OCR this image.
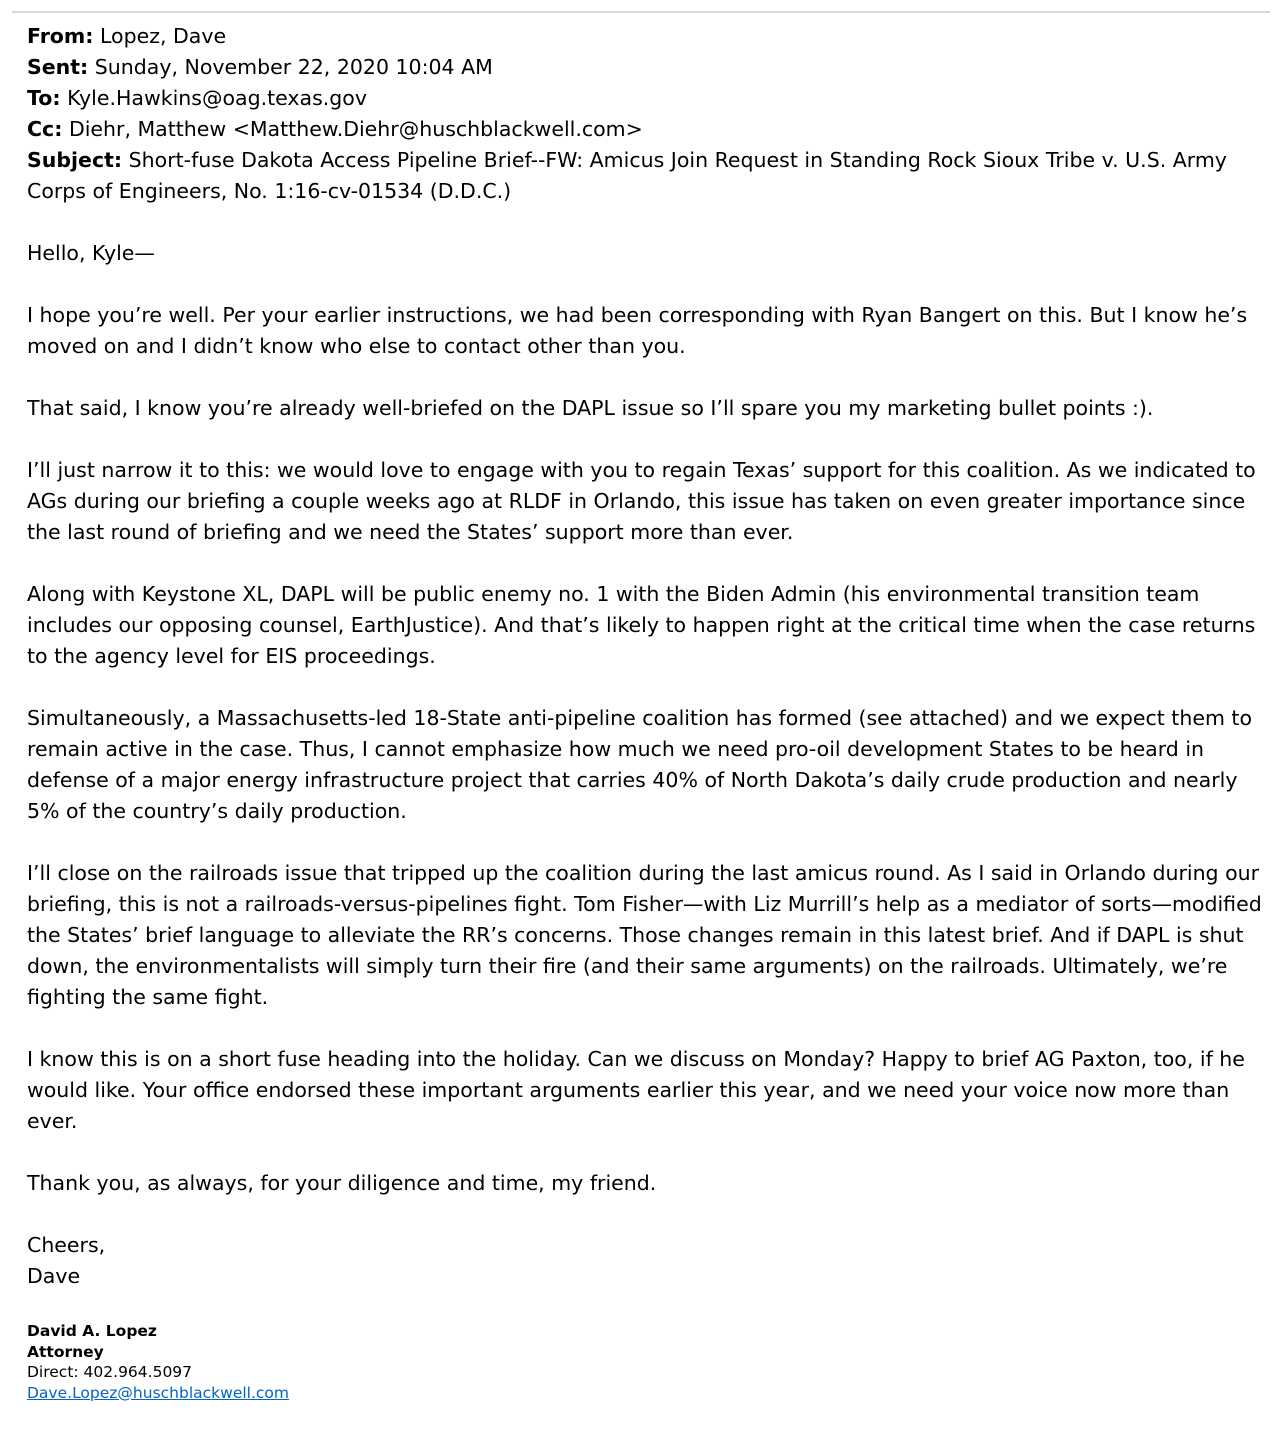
From: Lopez, Dave
Sent: Sunday, November 22, 2020 10:04 AM
To: Kyle.Hawkins@oag.texas.gov
Cc: Diehr, Matthew <Matthew.Diehr@huschblackwell.com>
Subject: Short-fuse Dakota Access Pipeline Brief--FW: Amicus Join Request in Standing Rock Sioux Tribe v. U.S. Army Corps of Engineers, No. 1:16-cv-01534 (D.D.C.)
Hello, Kyle—
I hope you’re well. Per your earlier instructions, we had been corresponding with Ryan Bangert on this. But I know he’s moved on and I didn’t know who else to contact other than you.
That said, I know you’re already well-briefed on the DAPL issue so I’ll spare you my marketing bullet points :).
I’ll just narrow it to this: we would love to engage with you to regain Texas’ support for this coalition. As we indicated to AGs during our briefing a couple weeks ago at RLDF in Orlando, this issue has taken on even greater importance since the last round of briefing and we need the States’ support more than ever.
Along with Keystone XL, DAPL will be public enemy no. 1 with the Biden Admin (his environmental transition team includes our opposing counsel, EarthJustice). And that’s likely to happen right at the critical time when the case returns to the agency level for EIS proceedings.
Simultaneously, a Massachusetts-led 18-State anti-pipeline coalition has formed (see attached) and we expect them to remain active in the case. Thus, I cannot emphasize how much we need pro-oil development States to be heard in defense of a major energy infrastructure project that carries 40% of North Dakota’s daily crude production and nearly 5% of the country’s daily production.
I’ll close on the railroads issue that tripped up the coalition during the last amicus round. As I said in Orlando during our briefing, this is not a railroads-versus-pipelines fight. Tom Fisher—with Liz Murrill’s help as a mediator of sorts—modified the States’ brief language to alleviate the RR’s concerns. Those changes remain in this latest brief. And if DAPL is shut down, the environmentalists will simply turn their fire (and their same arguments) on the railroads. Ultimately, we’re fighting the same fight.
I know this is on a short fuse heading into the holiday. Can we discuss on Monday? Happy to brief AG Paxton, too, if he would like. Your office endorsed these important arguments earlier this year, and we need your voice now more than ever.
Thank you, as always, for your diligence and time, my friend.
Cheers,
Dave
David A. Lopez
Attorney
Direct: 402.964.5097
Dave.Lopez@huschblackwell.com
